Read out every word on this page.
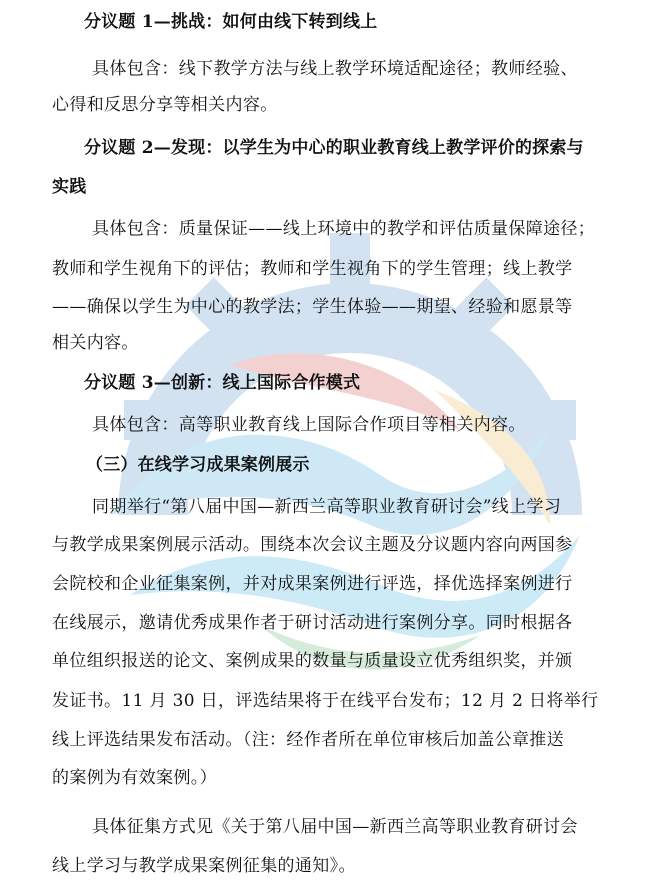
分议题 1—挑战：如何由线下转到线上
具体包含：线下教学方法与线上教学环境适配途径；教师经验、
心得和反思分享等相关内容。
分议题 2—发现：以学生为中心的职业教育线上教学评价的探索与
实践
具体包含：质量保证——线上环境中的教学和评估质量保障途径；
教师和学生视角下的评估；教师和学生视角下的学生管理；线上教学
——确保以学生为中心的教学法；学生体验——期望、经验和愿景等
相关内容。
分议题 3—创新：线上国际合作模式
具体包含：高等职业教育线上国际合作项目等相关内容。
（三）在线学习成果案例展示
同期举行“第八届中国—新西兰高等职业教育研讨会”线上学习
与教学成果案例展示活动。围绕本次会议主题及分议题内容向两国参
会院校和企业征集案例，并对成果案例进行评选，择优选择案例进行
在线展示，邀请优秀成果作者于研讨活动进行案例分享。同时根据各
单位组织报送的论文、案例成果的数量与质量设立优秀组织奖，并颁
发证书。11 月 30 日，评选结果将于在线平台发布；12 月 2 日将举行
线上评选结果发布活动。（注：经作者所在单位审核后加盖公章推送
的案例为有效案例。）
具体征集方式见《关于第八届中国—新西兰高等职业教育研讨会
线上学习与教学成果案例征集的通知》。
